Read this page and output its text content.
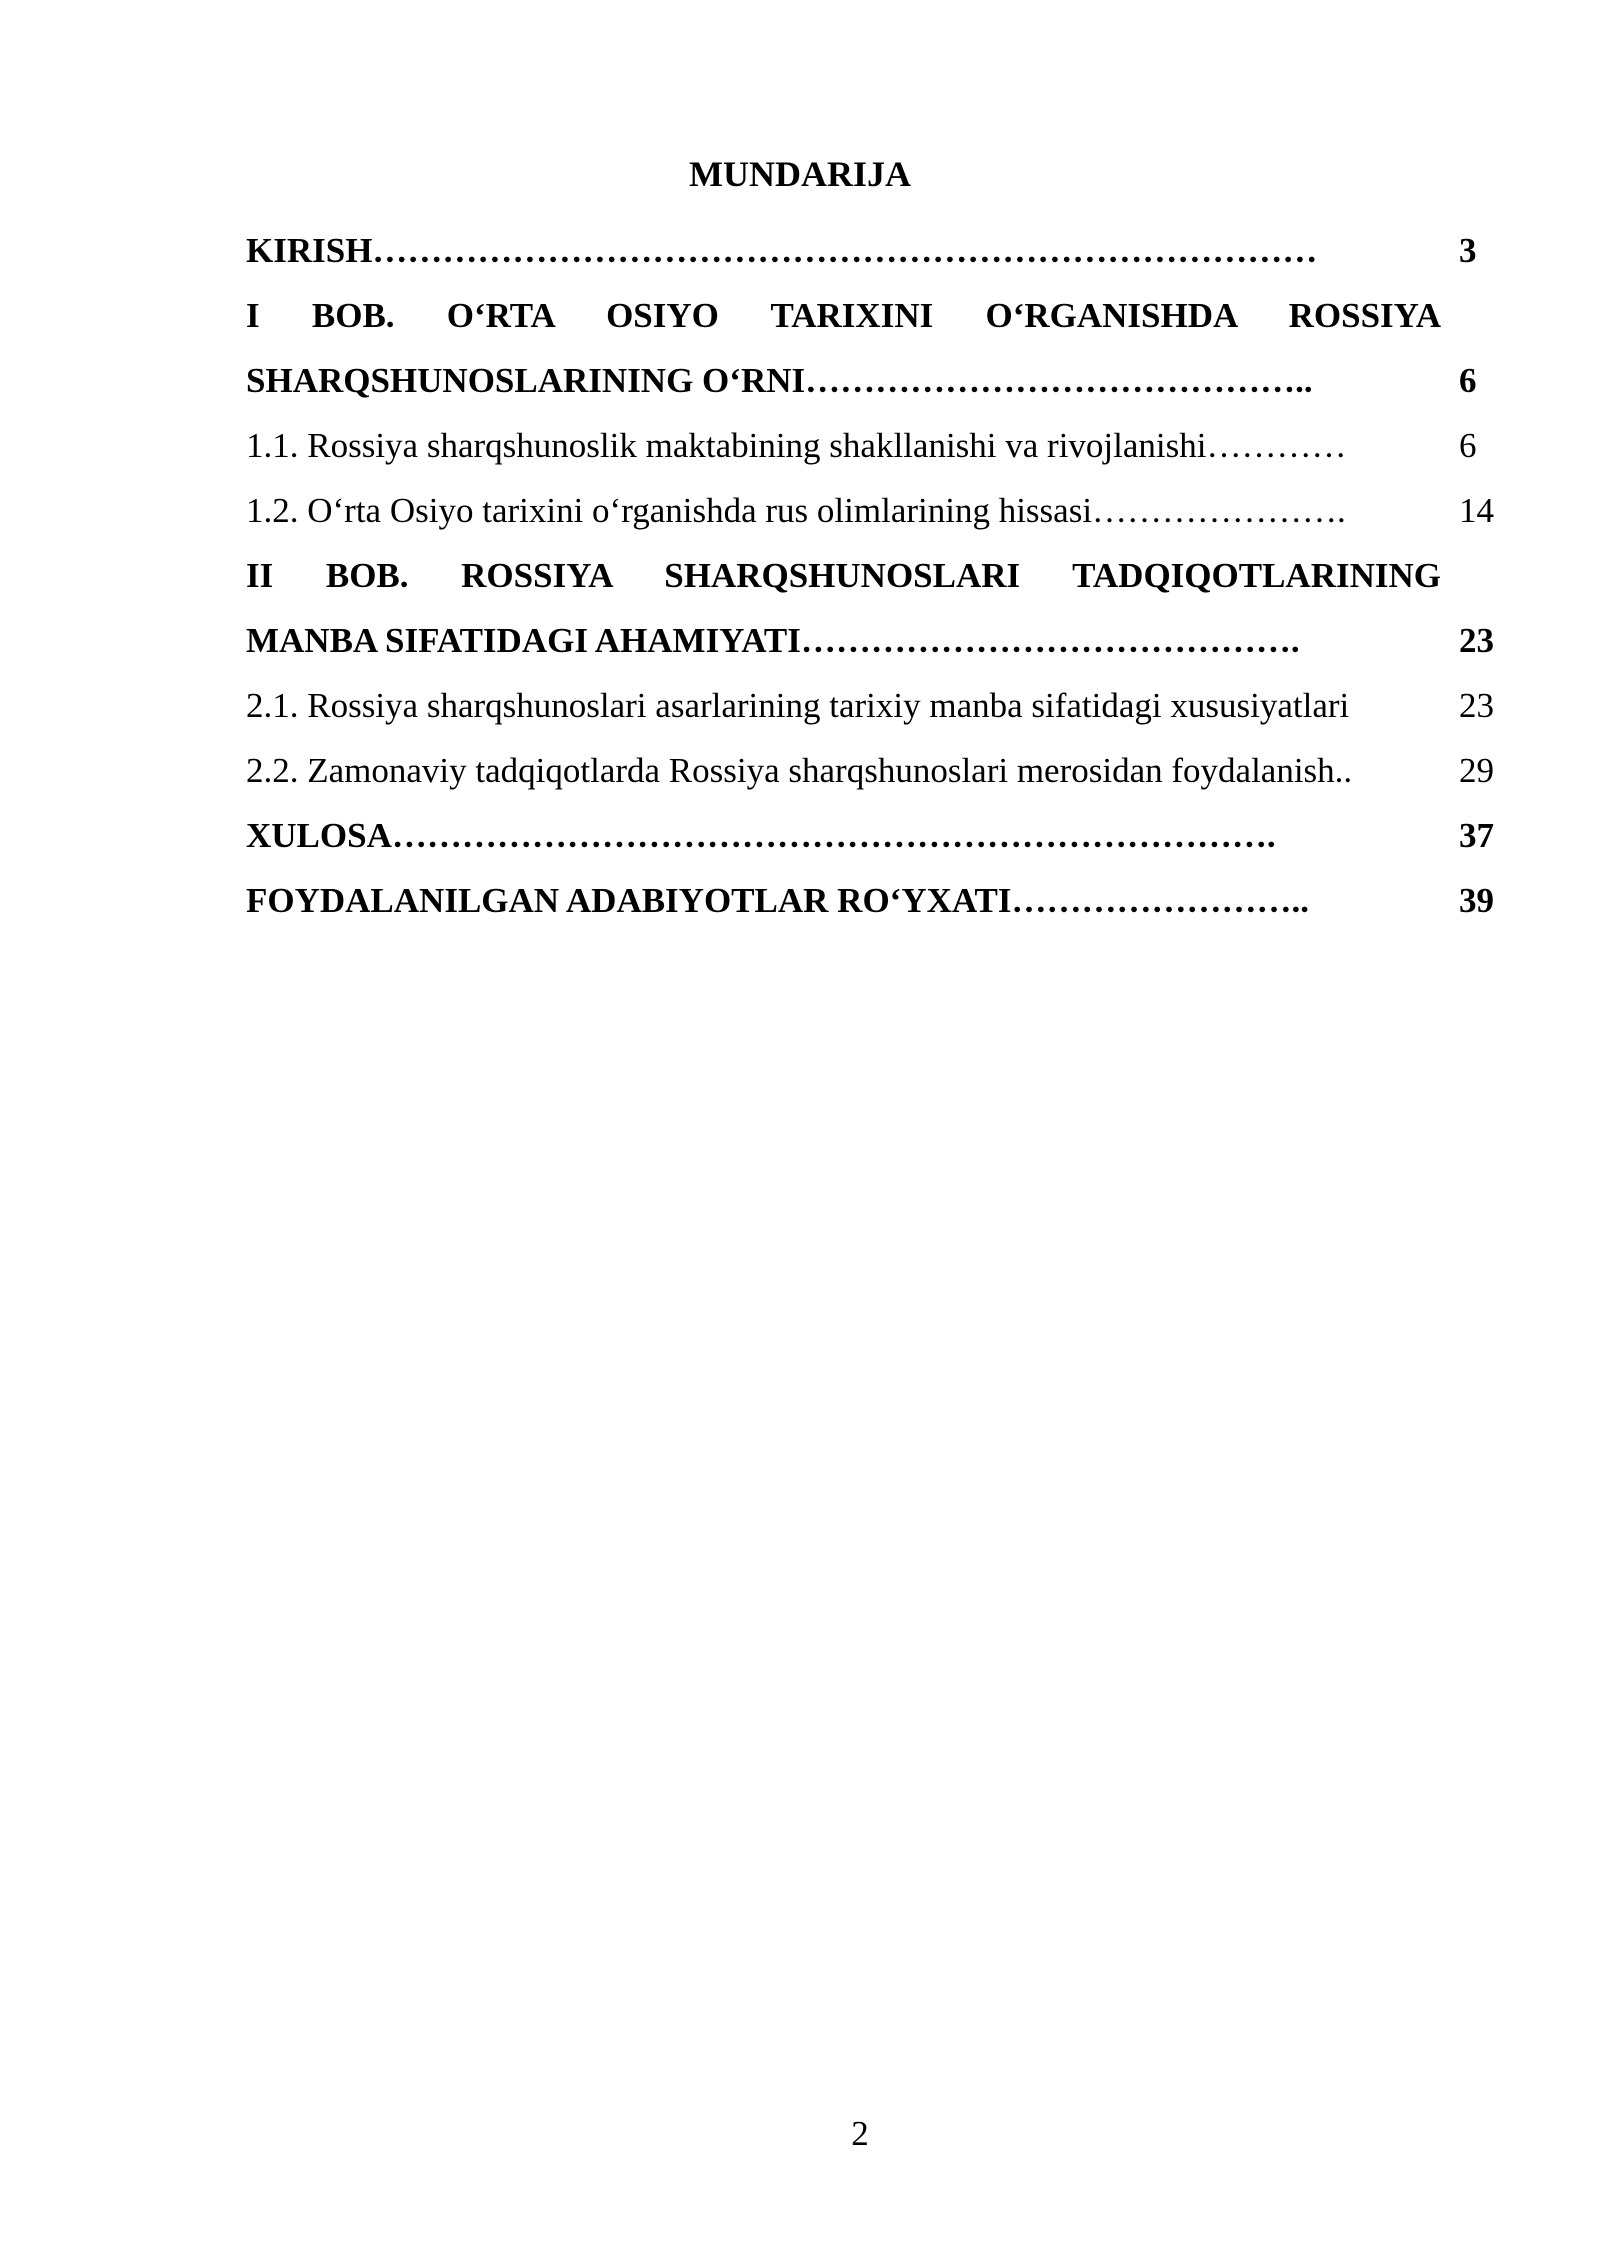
MUNDARIJA
KIRISH………………………………………………………………………	3
I BOB. O‘RTA OSIYO TARIXINI O‘RGANISHDA ROSSIYA
SHARQSHUNOSLARINING O‘RNI……………………………………..	6
1.1. Rossiya sharqshunoslik maktabining shakllanishi va rivojlanishi…………	6
1.2. O‘rta Osiyo tarixini o‘rganishda rus olimlarining hissasi………………….	14
II BOB. ROSSIYA SHARQSHUNOSLARI TADQIQOTLARINING
MANBA SIFATIDAGI AHAMIYATI…………………………………….	23
2.1. Rossiya sharqshunoslari asarlarining tarixiy manba sifatidagi xususiyatlari	23
2.2. Zamonaviy tadqiqotlarda Rossiya sharqshunoslari merosidan foydalanish..	29
XULOSA………………………………………………………………….	37
FOYDALANILGAN ADABIYOTLAR RO‘YXATI……………………..	39
2
